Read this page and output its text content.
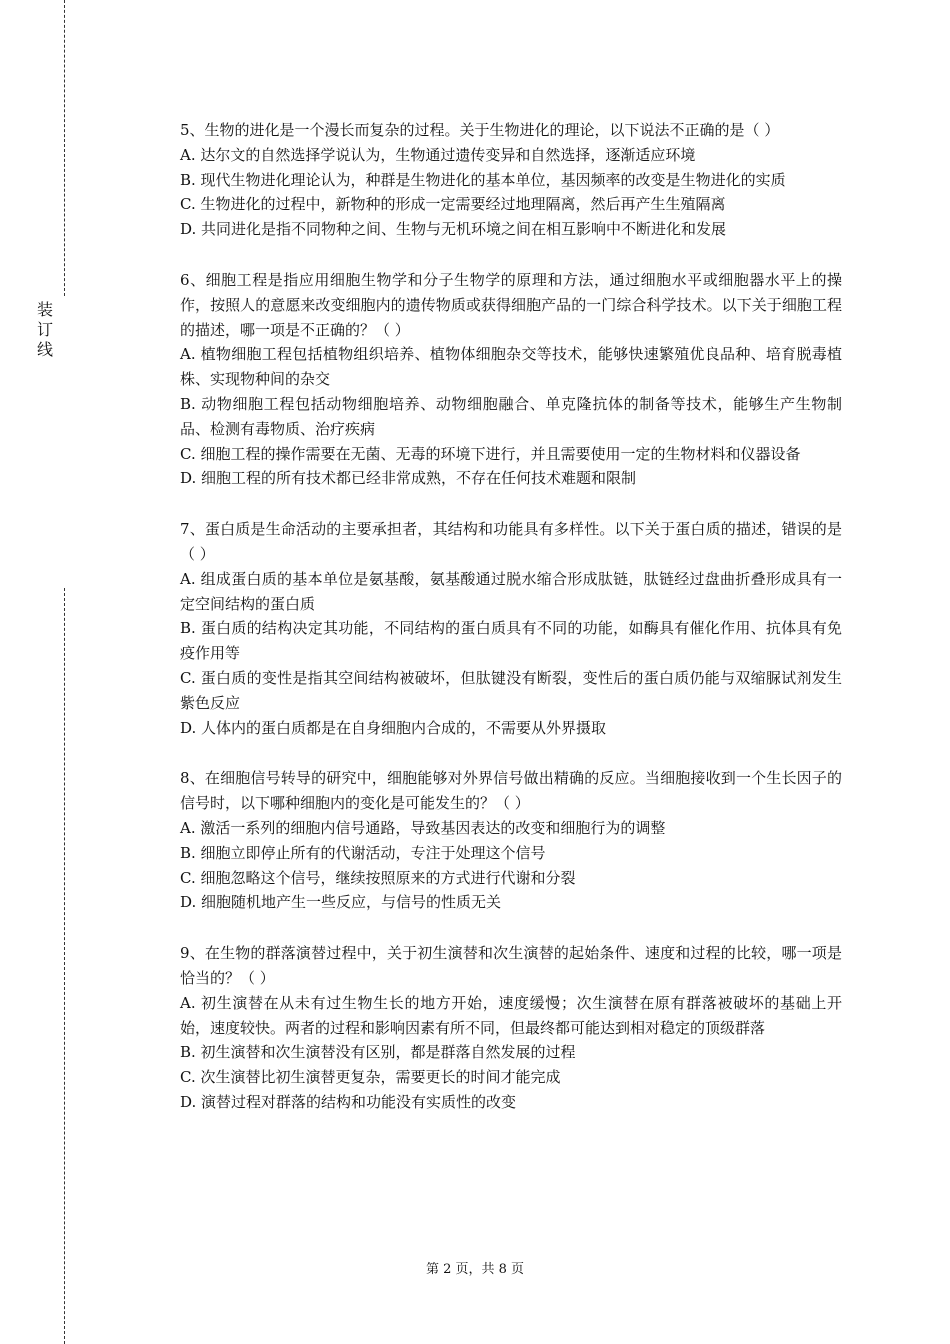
装
订
线

5、生物的进化是一个漫长而复杂的过程。关于生物进化的理论，以下说法不正确的是（ ）

A. 达尔文的自然选择学说认为，生物通过遗传变异和自然选择，逐渐适应环境

B. 现代生物进化理论认为，种群是生物进化的基本单位，基因频率的改变是生物进化的实质

C. 生物进化的过程中，新物种的形成一定需要经过地理隔离，然后再产生生殖隔离

D. 共同进化是指不同物种之间、生物与无机环境之间在相互影响中不断进化和发展

6、细胞工程是指应用细胞生物学和分子生物学的原理和方法，通过细胞水平或细胞器水平上的操作，按照人的意愿来改变细胞内的遗传物质或获得细胞产品的一门综合科学技术。以下关于细胞工程的描述，哪一项是不正确的？（ ）

A. 植物细胞工程包括植物组织培养、植物体细胞杂交等技术，能够快速繁殖优良品种、培育脱毒植株、实现物种间的杂交

B. 动物细胞工程包括动物细胞培养、动物细胞融合、单克隆抗体的制备等技术，能够生产生物制品、检测有毒物质、治疗疾病

C. 细胞工程的操作需要在无菌、无毒的环境下进行，并且需要使用一定的生物材料和仪器设备

D. 细胞工程的所有技术都已经非常成熟，不存在任何技术难题和限制

7、蛋白质是生命活动的主要承担者，其结构和功能具有多样性。以下关于蛋白质的描述，错误的是（ ）

A. 组成蛋白质的基本单位是氨基酸，氨基酸通过脱水缩合形成肽链，肽链经过盘曲折叠形成具有一定空间结构的蛋白质

B. 蛋白质的结构决定其功能，不同结构的蛋白质具有不同的功能，如酶具有催化作用、抗体具有免疫作用等

C. 蛋白质的变性是指其空间结构被破坏，但肽键没有断裂，变性后的蛋白质仍能与双缩脲试剂发生紫色反应

D. 人体内的蛋白质都是在自身细胞内合成的，不需要从外界摄取

8、在细胞信号转导的研究中，细胞能够对外界信号做出精确的反应。当细胞接收到一个生长因子的信号时，以下哪种细胞内的变化是可能发生的？（ ）

A. 激活一系列的细胞内信号通路，导致基因表达的改变和细胞行为的调整

B. 细胞立即停止所有的代谢活动，专注于处理这个信号

C. 细胞忽略这个信号，继续按照原来的方式进行代谢和分裂

D. 细胞随机地产生一些反应，与信号的性质无关

9、在生物的群落演替过程中，关于初生演替和次生演替的起始条件、速度和过程的比较，哪一项是恰当的？（ ）

A. 初生演替在从未有过生物生长的地方开始，速度缓慢；次生演替在原有群落被破坏的基础上开始，速度较快。两者的过程和影响因素有所不同，但最终都可能达到相对稳定的顶级群落

B. 初生演替和次生演替没有区别，都是群落自然发展的过程

C. 次生演替比初生演替更复杂，需要更长的时间才能完成

D. 演替过程对群落的结构和功能没有实质性的改变

第 2 页，共 8 页
